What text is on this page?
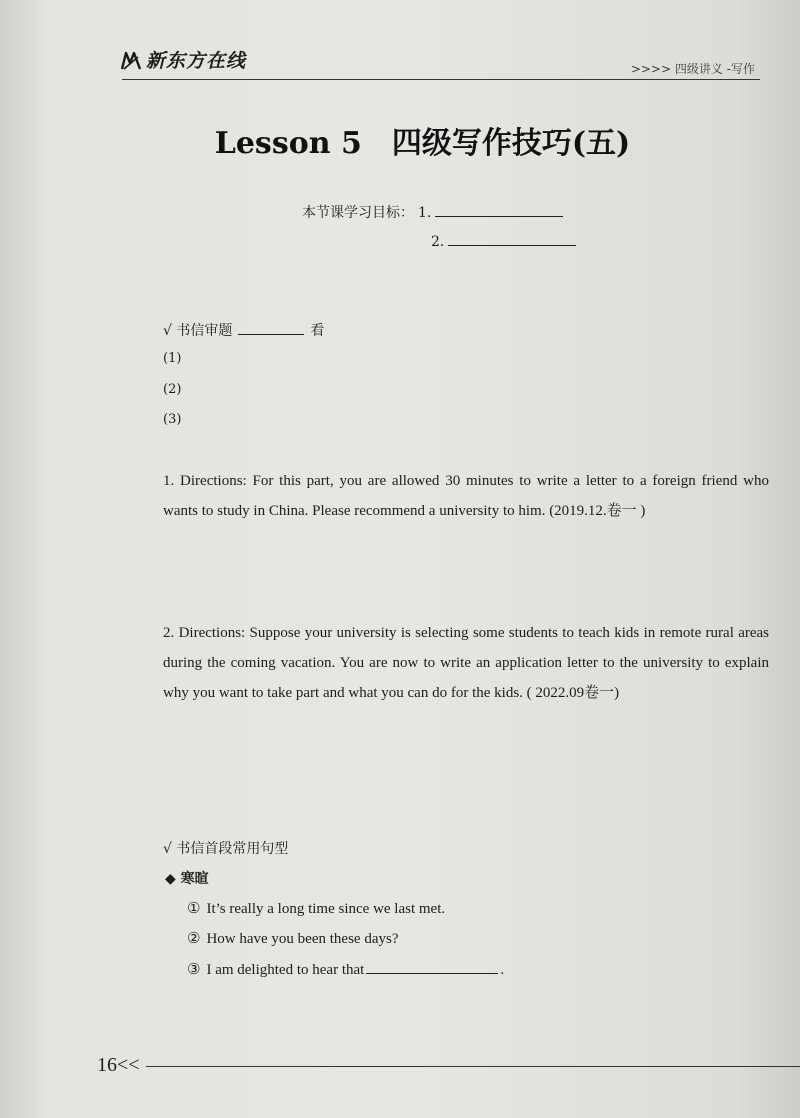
新东方在线	>>>> 四级讲义 -写作
Lesson 5 四级写作技巧(五)
本节课学习目标： 1.
2.
√ 书信审题	看
(1)
(2)
(3)
1. Directions: For this part, you are allowed 30 minutes to write a letter to a foreign friend who wants to study in China. Please recommend a university to him. (2019.12.卷一 )
2. Directions: Suppose your university is selecting some students to teach kids in remote rural areas during the coming vacation. You are now to write an application letter to the university to explain why you want to take part and what you can do for the kids. ( 2022.09卷一)
√ 书信首段常用句型
◆ 寒暄
① It’s really a long time since we last met.
② How have you been these days?
③ I am delighted to hear that	.
16<<
